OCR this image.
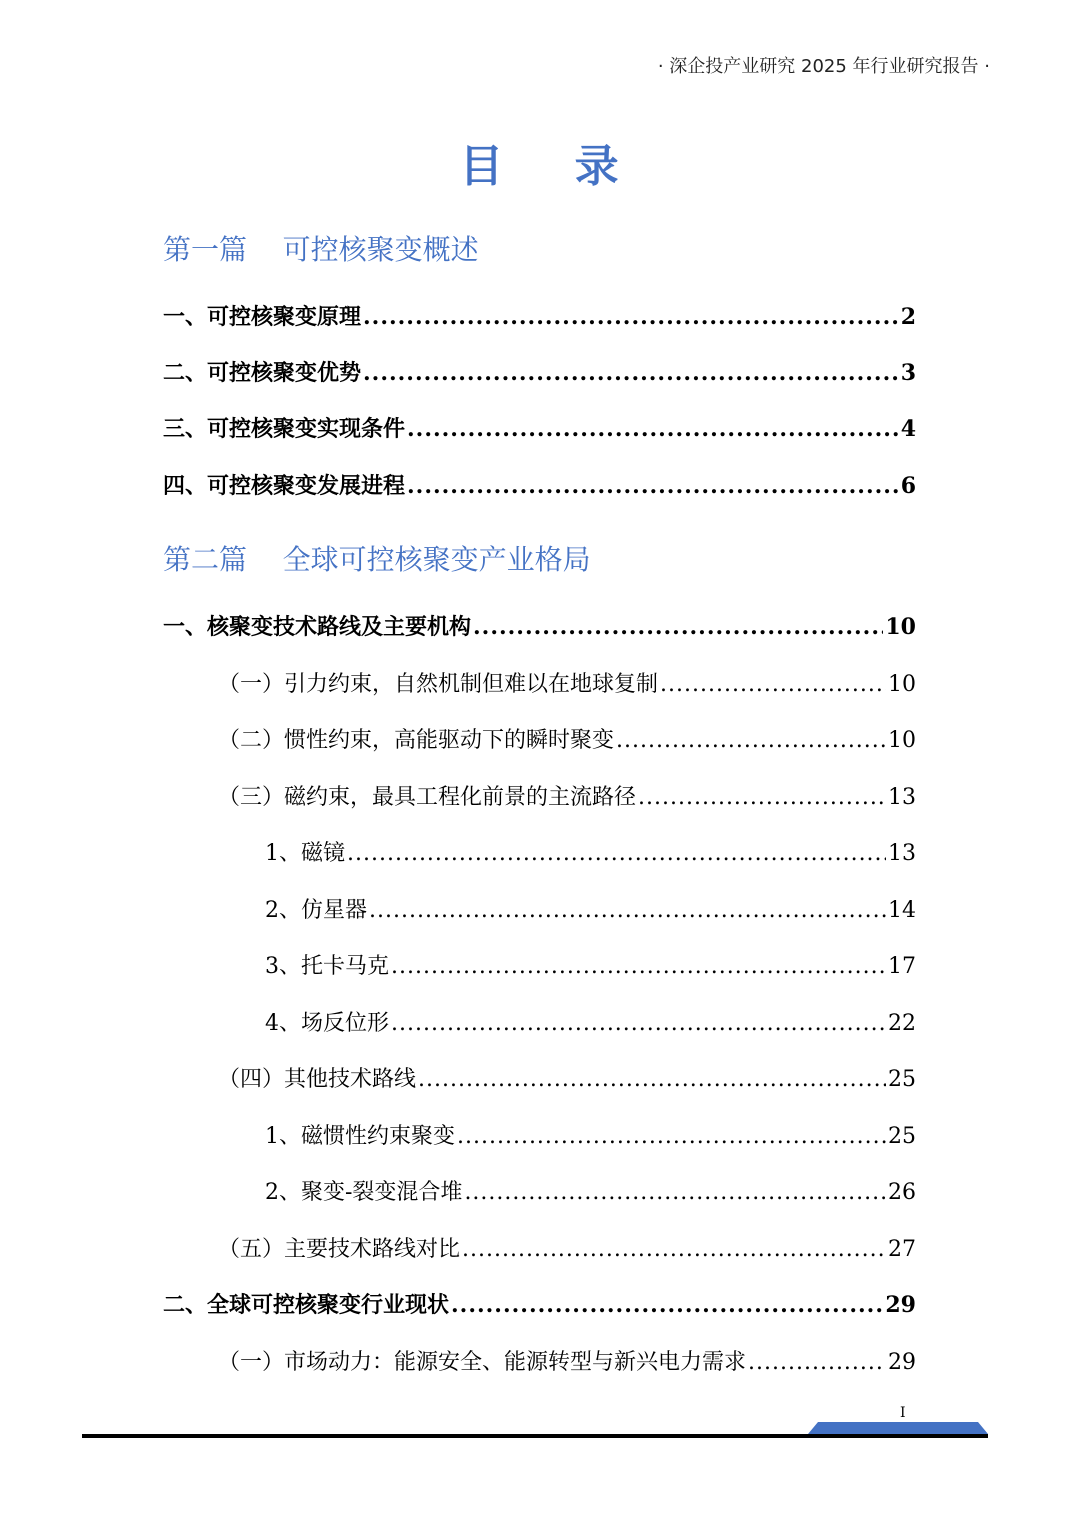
· 深企投产业研究 2025 年行业研究报告 ·
目    录
第一篇    可控核聚变概述
一、可控核聚变原理 .....	2
二、可控核聚变优势 .....	3
三、可控核聚变实现条件 .....	4
四、可控核聚变发展进程 .....	6
第二篇    全球可控核聚变产业格局
一、核聚变技术路线及主要机构 .....	10
（一）引力约束，自然机制但难以在地球复制 .....	10
（二）惯性约束，高能驱动下的瞬时聚变 .....	10
（三）磁约束，最具工程化前景的主流路径 .....	13
1、磁镜 .....	13
2、仿星器 .....	14
3、托卡马克 .....	17
4、场反位形 .....	22
（四）其他技术路线 .....	25
1、磁惯性约束聚变 .....	25
2、聚变-裂变混合堆 .....	26
（五）主要技术路线对比 .....	27
二、全球可控核聚变行业现状 .....	29
（一）市场动力：能源安全、能源转型与新兴电力需求 .....	29
I
